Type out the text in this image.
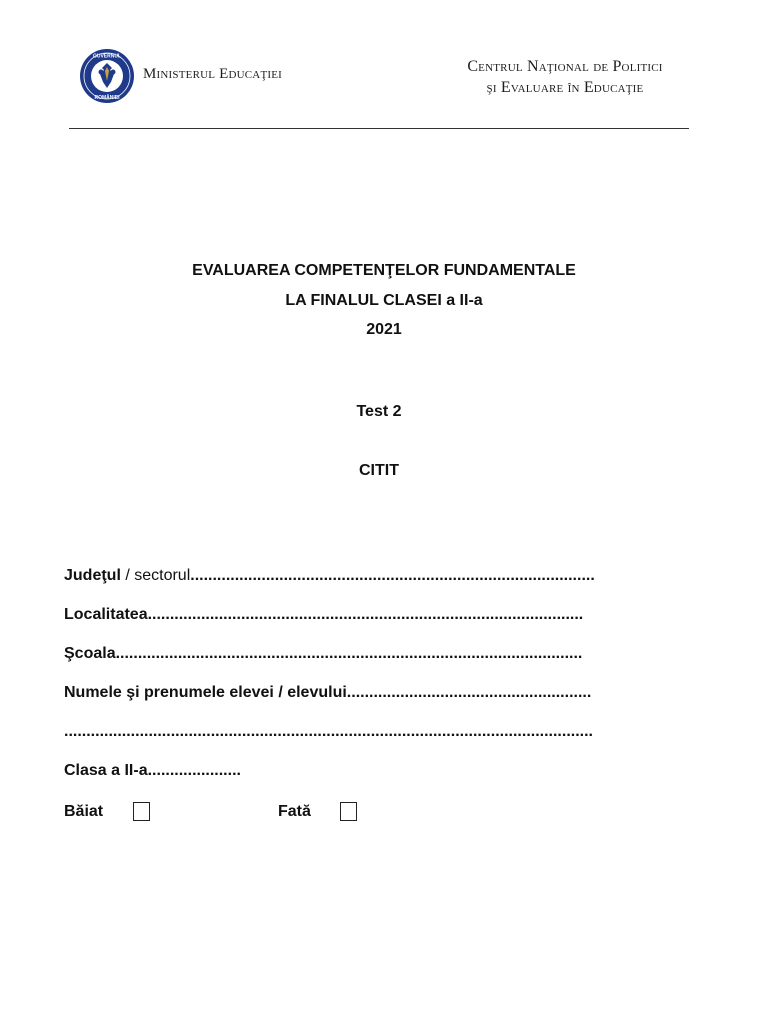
GUVERNUL
ROMÂNIEI
Ministerul Educaţiei	Centrul Naţional de Politici
şi Evaluare în Educaţie
EVALUAREA COMPETENŢELOR FUNDAMENTALE
LA FINALUL CLASEI a II-a
2021
Test 2
CITIT
Judeţul / sectorul...........................................................................................
Localitatea..................................................................................................
Şcoala.........................................................................................................
Numele şi prenumele elevei / elevului.......................................................
.......................................................................................................................
Clasa a II-a.....................
Băiat	Fată
